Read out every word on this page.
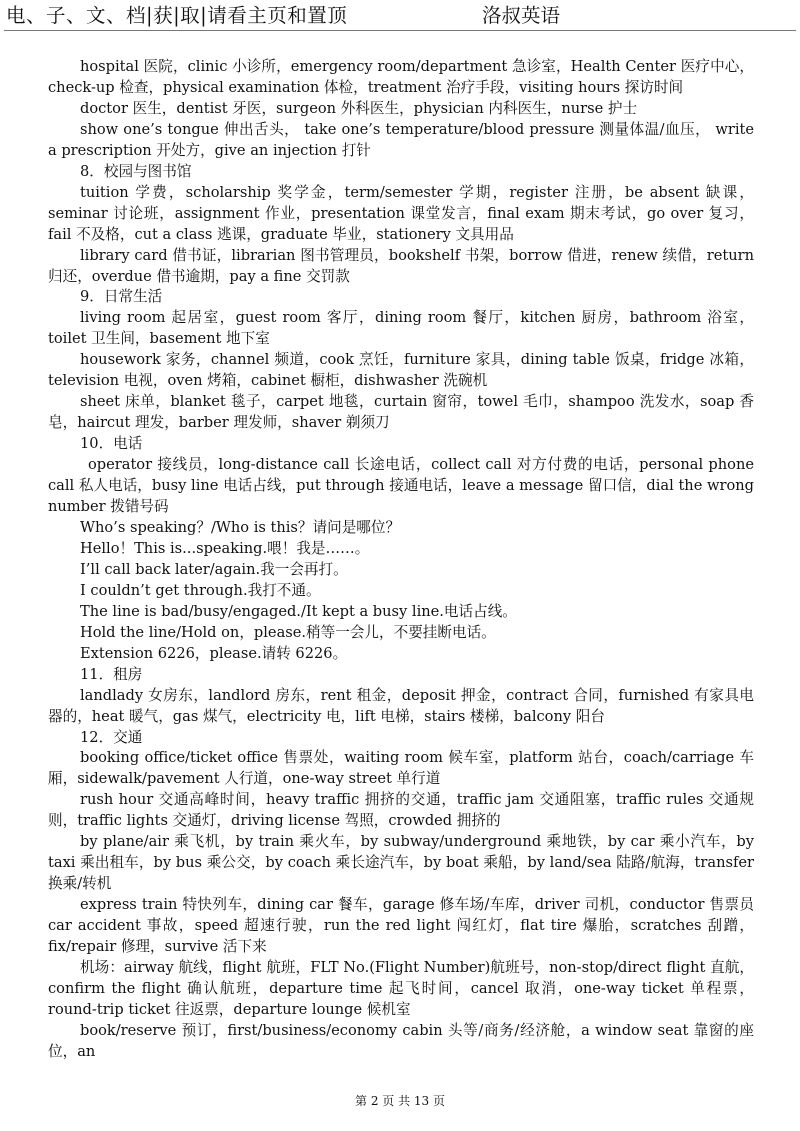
电、子、文、档|获|取|请看主页和置顶	洛叔英语

hospital 医院，clinic 小诊所，emergency room/department 急诊室，Health Center 医疗中心，check-up 检查，physical examination 体检，treatment 治疗手段，visiting hours 探访时间

doctor 医生，dentist 牙医，surgeon 外科医生，physician 内科医生，nurse 护士

show one’s tongue 伸出舌头， take one’s temperature/blood pressure 测量体温/血压， write a prescription 开处方，give an injection 打针

8．校园与图书馆

tuition 学费，scholarship 奖学金，term/semester 学期，register 注册，be absent 缺课，seminar 讨论班，assignment 作业，presentation 课堂发言，final exam 期末考试，go over 复习，fail 不及格，cut a class 逃课，graduate 毕业，stationery 文具用品

library card 借书证，librarian 图书管理员，bookshelf 书架，borrow 借进，renew 续借，return 归还，overdue 借书逾期，pay a fine 交罚款

9．日常生活

living room 起居室，guest room 客厅，dining room 餐厅，kitchen 厨房，bathroom 浴室，toilet 卫生间，basement 地下室

housework 家务，channel 频道，cook 烹饪，furniture 家具，dining table 饭桌，fridge 冰箱，television 电视，oven 烤箱，cabinet 橱柜，dishwasher 洗碗机

sheet 床单，blanket 毯子，carpet 地毯，curtain 窗帘，towel 毛巾，shampoo 洗发水，soap 香皂，haircut 理发，barber 理发师，shaver 剃须刀

10．电话

operator 接线员，long-distance call 长途电话，collect call 对方付费的电话，personal phone call 私人电话，busy line 电话占线，put through 接通电话，leave a message 留口信，dial the wrong number 拨错号码

Who’s speaking？/Who is this？请问是哪位？

Hello！This is...speaking.喂！我是……。

I’ll call back later/again.我一会再打。

I couldn’t get through.我打不通。

The line is bad/busy/engaged./It kept a busy line.电话占线。

Hold the line/Hold on，please.稍等一会儿，不要挂断电话。

Extension 6226，please.请转 6226。

11．租房

landlady 女房东，landlord 房东，rent 租金，deposit 押金，contract 合同，furnished 有家具电器的，heat 暖气，gas 煤气，electricity 电，lift 电梯，stairs 楼梯，balcony 阳台

12．交通

booking office/ticket office 售票处，waiting room 候车室，platform 站台，coach/carriage 车厢，sidewalk/pavement 人行道，one-way street 单行道

rush hour 交通高峰时间，heavy traffic 拥挤的交通，traffic jam 交通阻塞，traffic rules 交通规则，traffic lights 交通灯，driving license 驾照，crowded 拥挤的

by plane/air 乘飞机，by train 乘火车，by subway/underground 乘地铁，by car 乘小汽车，by taxi 乘出租车，by bus 乘公交，by coach 乘长途汽车，by boat 乘船，by land/sea 陆路/航海，transfer 换乘/转机

express train 特快列车，dining car 餐车，garage 修车场/车库，driver 司机，conductor 售票员　car accident 事故，speed 超速行驶，run the red light 闯红灯，flat tire 爆胎，scratches 刮蹭，fix/repair 修理，survive 活下来

机场：airway 航线，flight 航班，FLT No.(Flight Number)航班号，non-stop/direct flight 直航，confirm the flight 确认航班，departure time 起飞时间，cancel 取消，one-way ticket 单程票，round-trip ticket 往返票，departure lounge 候机室

book/reserve 预订，first/business/economy cabin 头等/商务/经济舱，a window seat 靠窗的座位，an

第 2 页 共 13 页
